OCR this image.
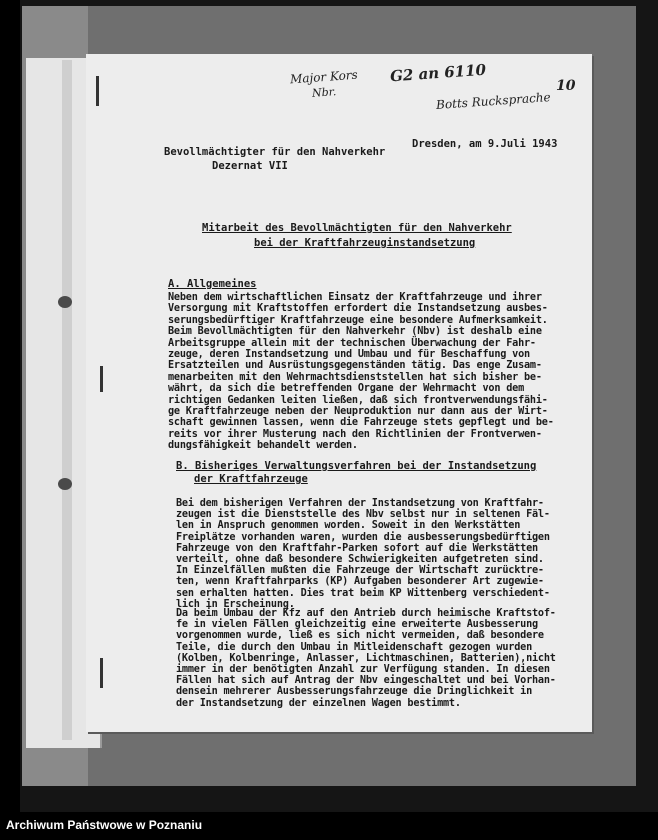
Major Kors
Nbr.
G2 an 6110
Botts Rucksprache
10
Bevollmächtigter für den Nahverkehr
Dezernat VII
Dresden, am 9.Juli 1943
Mitarbeit des Bevollmächtigten für den Nahverkehr
bei der Kraftfahrzeuginstandsetzung
A. Allgemeines
Neben dem wirtschaftlichen Einsatz der Kraftfahrzeuge und ihrer
Versorgung mit Kraftstoffen erfordert die Instandsetzung ausbes-
serungsbedürftiger Kraftfahrzeuge eine besondere Aufmerksamkeit.
Beim Bevollmächtigten für den Nahverkehr (Nbv) ist deshalb eine
Arbeitsgruppe allein mit der technischen Überwachung der Fahr-
zeuge, deren Instandsetzung und Umbau und für Beschaffung von
Ersatzteilen und Ausrüstungsgegenständen tätig. Das enge Zusam-
menarbeiten mit den Wehrmachtsdienststellen hat sich bisher be-
währt, da sich die betreffenden Organe der Wehrmacht von dem
richtigen Gedanken leiten ließen, daß sich frontverwendungsfähi-
ge Kraftfahrzeuge neben der Neuproduktion nur dann aus der Wirt-
schaft gewinnen lassen, wenn die Fahrzeuge stets gepflegt und be-
reits vor ihrer Musterung nach den Richtlinien der Frontverwen-
dungsfähigkeit behandelt werden.
B. Bisheriges Verwaltungsverfahren bei der Instandsetzung
der Kraftfahrzeuge
Bei dem bisherigen Verfahren der Instandsetzung von Kraftfahr-
zeugen ist die Dienststelle des Nbv selbst nur in seltenen Fäl-
len in Anspruch genommen worden. Soweit in den Werkstätten
Freiplätze vorhanden waren, wurden die ausbesserungsbedürftigen
Fahrzeuge von den Kraftfahr-Parken sofort auf die Werkstätten
verteilt, ohne daß besondere Schwierigkeiten aufgetreten sind.
In Einzelfällen mußten die Fahrzeuge der Wirtschaft zurücktre-
ten, wenn Kraftfahrparks (KP) Aufgaben besonderer Art zugewie-
sen erhalten hatten. Dies trat beim KP Wittenberg verschiedent-
lich in Erscheinung.
Da beim Umbau der Kfz auf den Antrieb durch heimische Kraftstof-
fe in vielen Fällen gleichzeitig eine erweiterte Ausbesserung
vorgenommen wurde, ließ es sich nicht vermeiden, daß besondere
Teile, die durch den Umbau in Mitleidenschaft gezogen wurden
(Kolben, Kolbenringe, Anlasser, Lichtmaschinen, Batterien),nicht
immer in der benötigten Anzahl zur Verfügung standen. In diesen
Fällen hat sich auf Antrag der Nbv eingeschaltet und bei Vorhan-
densein mehrerer Ausbesserungsfahrzeuge die Dringlichkeit in
der Instandsetzung der einzelnen Wagen bestimmt.
Archiwum Państwowe w Poznaniu
